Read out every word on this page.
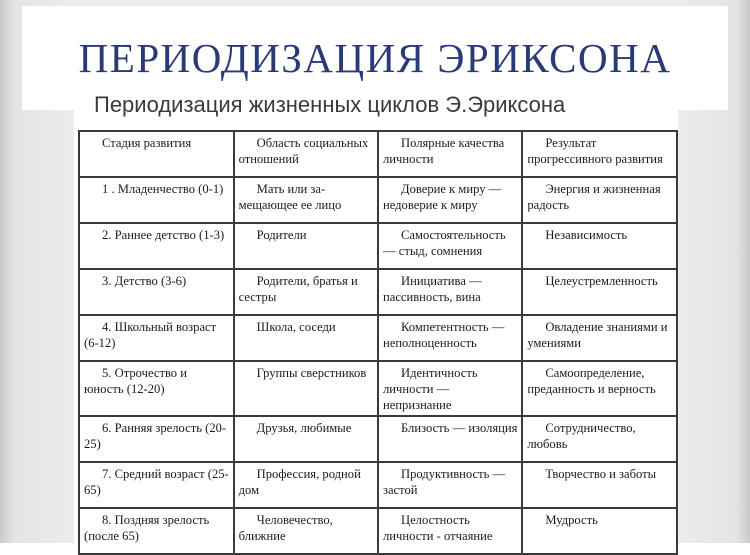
ПЕРИОДИЗАЦИЯ ЭРИКСОНА
Периодизация жизненных циклов Э.Эриксона
Стадия развития	Область социальных отношений	Полярные качества личности	Результат прогрессивного развития
1 . Младенчество (0-1)	Мать или за-мещающее ее лицо	Доверие к миру — недоверие к миру	Энергия и жизненная радость
2. Раннее детство (1-3)	Родители	Самостоятельность — стыд, сомнения	Независимость
3. Детство (3-6)	Родители, братья и сестры	Инициатива — пассивность, вина	Целеустремленность
4. Школьный возраст (6-12)	Школа, соседи	Компетентность — неполноценность	Овладение знаниями и умениями
5. Отрочество и юность (12-20)	Группы сверстников	Идентичность личности — непризнание	Самоопределение, преданность и верность
6. Ранняя зрелость (20-25)	Друзья, любимые	Близость — изоляция	Сотрудничество, любовь
7. Средний возраст (25-65)	Профессия, родной дом	Продуктивность — застой	Творчество и заботы
8. Поздняя зрелость (после 65)	Человечество, ближние	Целостность личности - отчаяние	Мудрость
